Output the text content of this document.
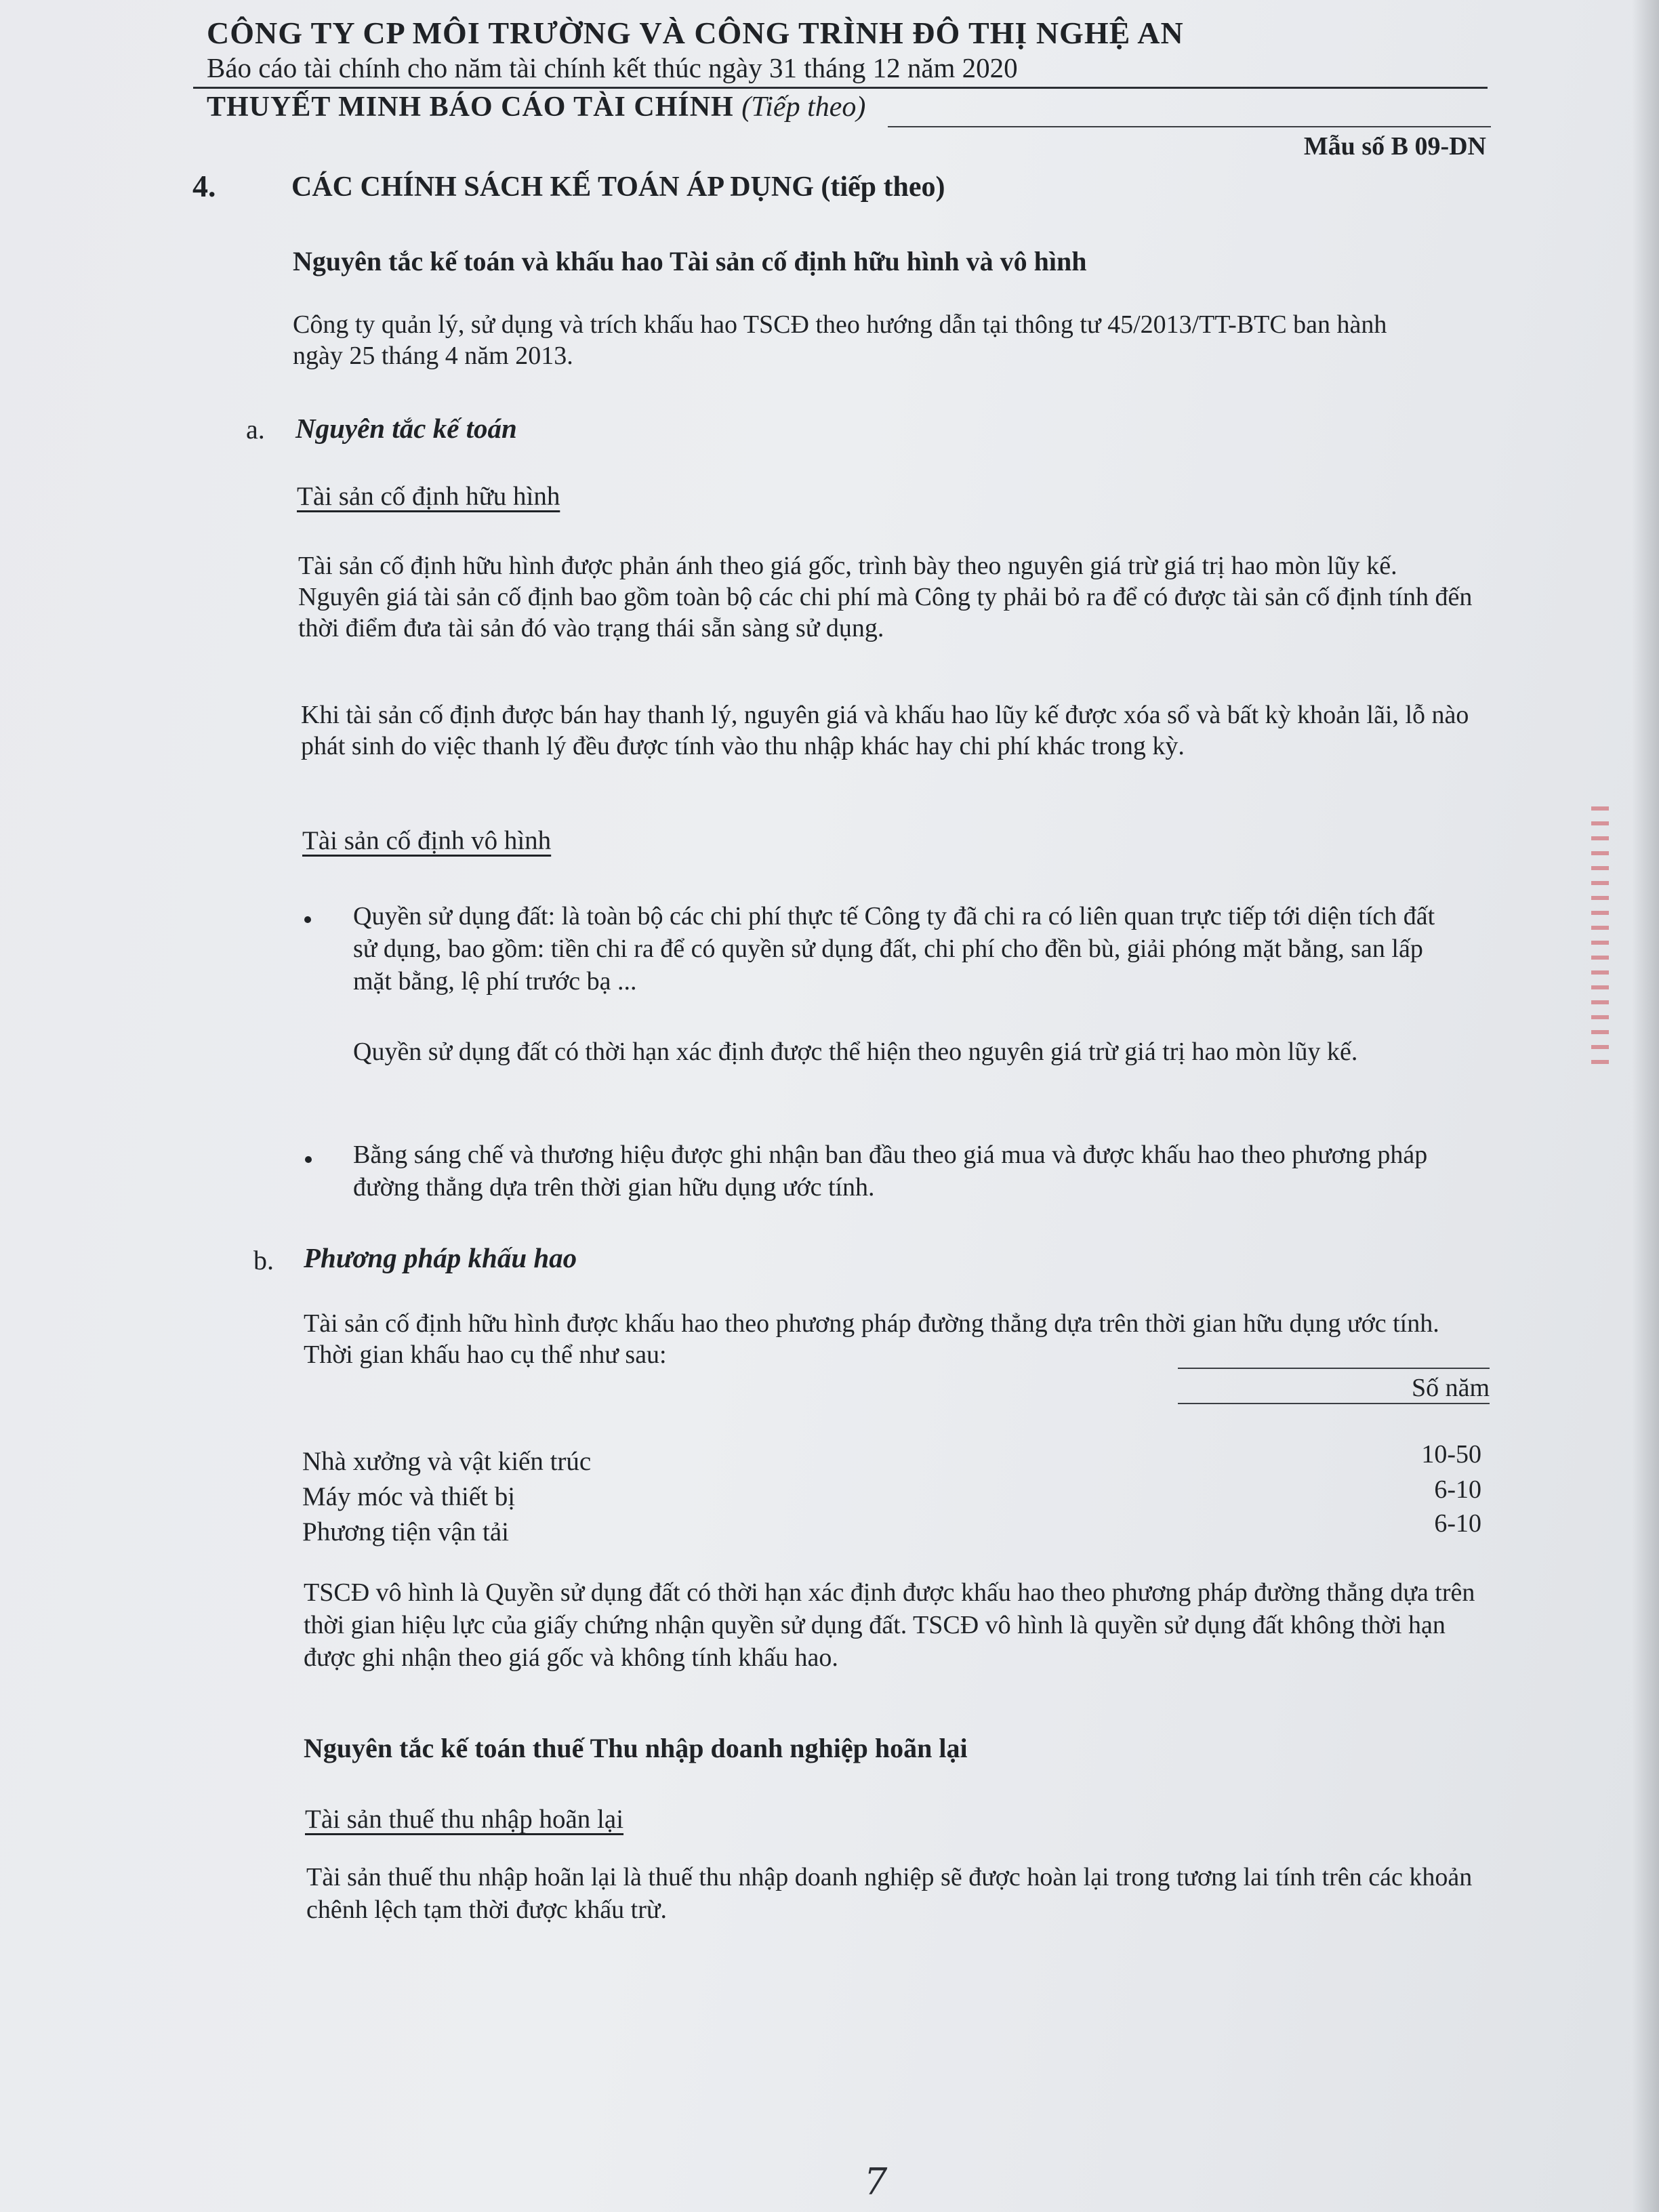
CÔNG TY CP MÔI TRƯỜNG VÀ CÔNG TRÌNH ĐÔ THỊ NGHỆ AN
Báo cáo tài chính cho năm tài chính kết thúc ngày 31 tháng 12 năm 2020
THUYẾT MINH BÁO CÁO TÀI CHÍNH (Tiếp theo)
Mẫu số B 09-DN
4.	CÁC CHÍNH SÁCH KẾ TOÁN ÁP DỤNG (tiếp theo)
Nguyên tắc kế toán và khấu hao Tài sản cố định hữu hình và vô hình
Công ty quản lý, sử dụng và trích khấu hao TSCĐ theo hướng dẫn tại thông tư 45/2013/TT-BTC ban hành ngày 25 tháng 4 năm 2013.
a. Nguyên tắc kế toán
Tài sản cố định hữu hình
Tài sản cố định hữu hình được phản ánh theo giá gốc, trình bày theo nguyên giá trừ giá trị hao mòn lũy kế. Nguyên giá tài sản cố định bao gồm toàn bộ các chi phí mà Công ty phải bỏ ra để có được tài sản cố định tính đến thời điểm đưa tài sản đó vào trạng thái sẵn sàng sử dụng.
Khi tài sản cố định được bán hay thanh lý, nguyên giá và khấu hao lũy kế được xóa sổ và bất kỳ khoản lãi, lỗ nào phát sinh do việc thanh lý đều được tính vào thu nhập khác hay chi phí khác trong kỳ.
Tài sản cố định vô hình
Quyền sử dụng đất: là toàn bộ các chi phí thực tế Công ty đã chi ra có liên quan trực tiếp tới diện tích đất sử dụng, bao gồm: tiền chi ra để có quyền sử dụng đất, chi phí cho đền bù, giải phóng mặt bằng, san lấp mặt bằng, lệ phí trước bạ ...
Quyền sử dụng đất có thời hạn xác định được thể hiện theo nguyên giá trừ giá trị hao mòn lũy kế.
Bằng sáng chế và thương hiệu được ghi nhận ban đầu theo giá mua và được khấu hao theo phương pháp đường thẳng dựa trên thời gian hữu dụng ước tính.
b. Phương pháp khấu hao
Tài sản cố định hữu hình được khấu hao theo phương pháp đường thẳng dựa trên thời gian hữu dụng ước tính. Thời gian khấu hao cụ thể như sau:
Số năm
Nhà xưởng và vật kiến trúc	10-50
Máy móc và thiết bị	6-10
Phương tiện vận tải	6-10
TSCĐ vô hình là Quyền sử dụng đất có thời hạn xác định được khấu hao theo phương pháp đường thẳng dựa trên thời gian hiệu lực của giấy chứng nhận quyền sử dụng đất. TSCĐ vô hình là quyền sử dụng đất không thời hạn được ghi nhận theo giá gốc và không tính khấu hao.
Nguyên tắc kế toán thuế Thu nhập doanh nghiệp hoãn lại
Tài sản thuế thu nhập hoãn lại
Tài sản thuế thu nhập hoãn lại là thuế thu nhập doanh nghiệp sẽ được hoàn lại trong tương lai tính trên các khoản chênh lệch tạm thời được khấu trừ.
7
